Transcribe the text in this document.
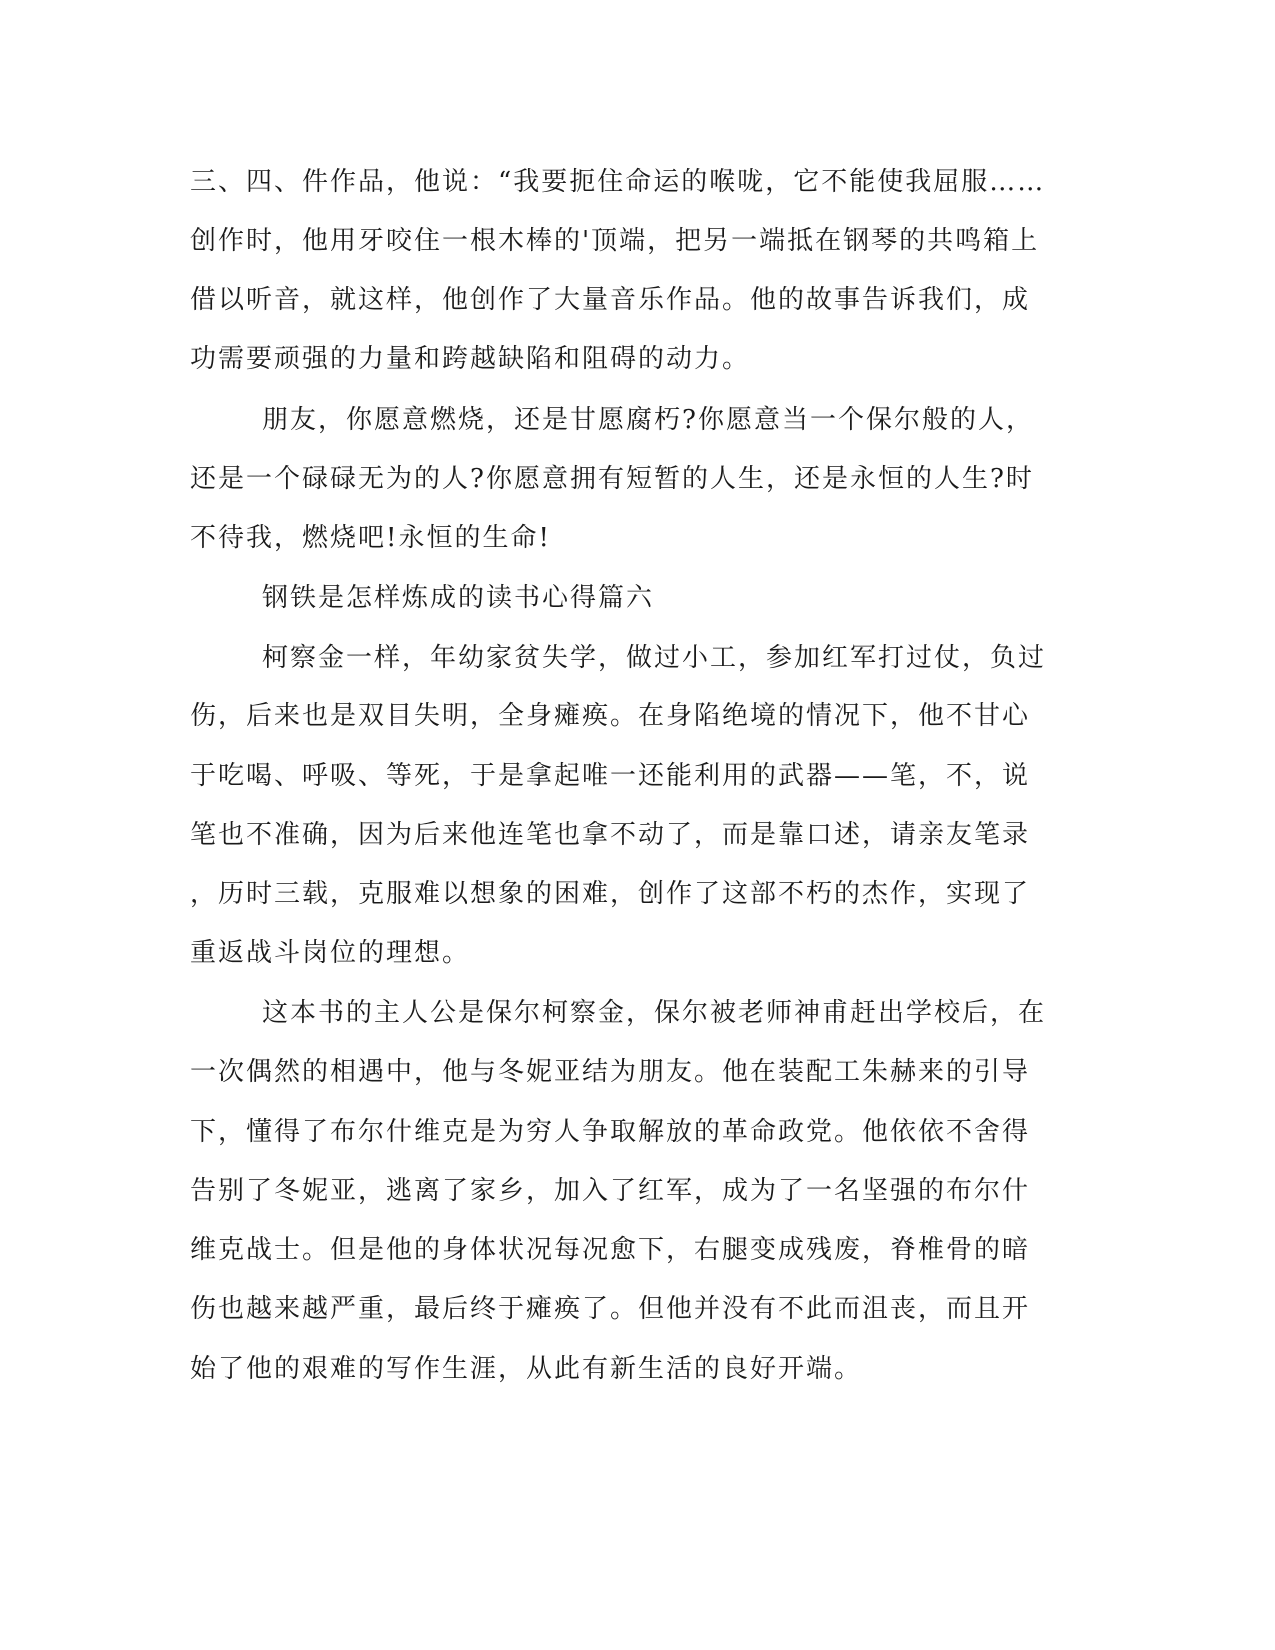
三、四、件作品，他说：“我要扼住命运的喉咙，它不能使我屈服……

创作时，他用牙咬住一根木棒的'顶端，把另一端抵在钢琴的共鸣箱上

借以听音，就这样，他创作了大量音乐作品。他的故事告诉我们，成

功需要顽强的力量和跨越缺陷和阻碍的动力。

朋友，你愿意燃烧，还是甘愿腐朽?你愿意当一个保尔般的人，

还是一个碌碌无为的人?你愿意拥有短暂的人生，还是永恒的人生?时

不待我，燃烧吧!永恒的生命!

钢铁是怎样炼成的读书心得篇六

柯察金一样，年幼家贫失学，做过小工，参加红军打过仗，负过

伤，后来也是双目失明，全身瘫痪。在身陷绝境的情况下，他不甘心

于吃喝、呼吸、等死，于是拿起唯一还能利用的武器——笔，不，说

笔也不准确，因为后来他连笔也拿不动了，而是靠口述，请亲友笔录

，历时三载，克服难以想象的困难，创作了这部不朽的杰作，实现了

重返战斗岗位的理想。

这本书的主人公是保尔柯察金，保尔被老师神甫赶出学校后，在

一次偶然的相遇中，他与冬妮亚结为朋友。他在装配工朱赫来的引导

下，懂得了布尔什维克是为穷人争取解放的革命政党。他依依不舍得

告别了冬妮亚，逃离了家乡，加入了红军，成为了一名坚强的布尔什

维克战士。但是他的身体状况每况愈下，右腿变成残废，脊椎骨的暗

伤也越来越严重，最后终于瘫痪了。但他并没有不此而沮丧，而且开

始了他的艰难的写作生涯，从此有新生活的良好开端。
